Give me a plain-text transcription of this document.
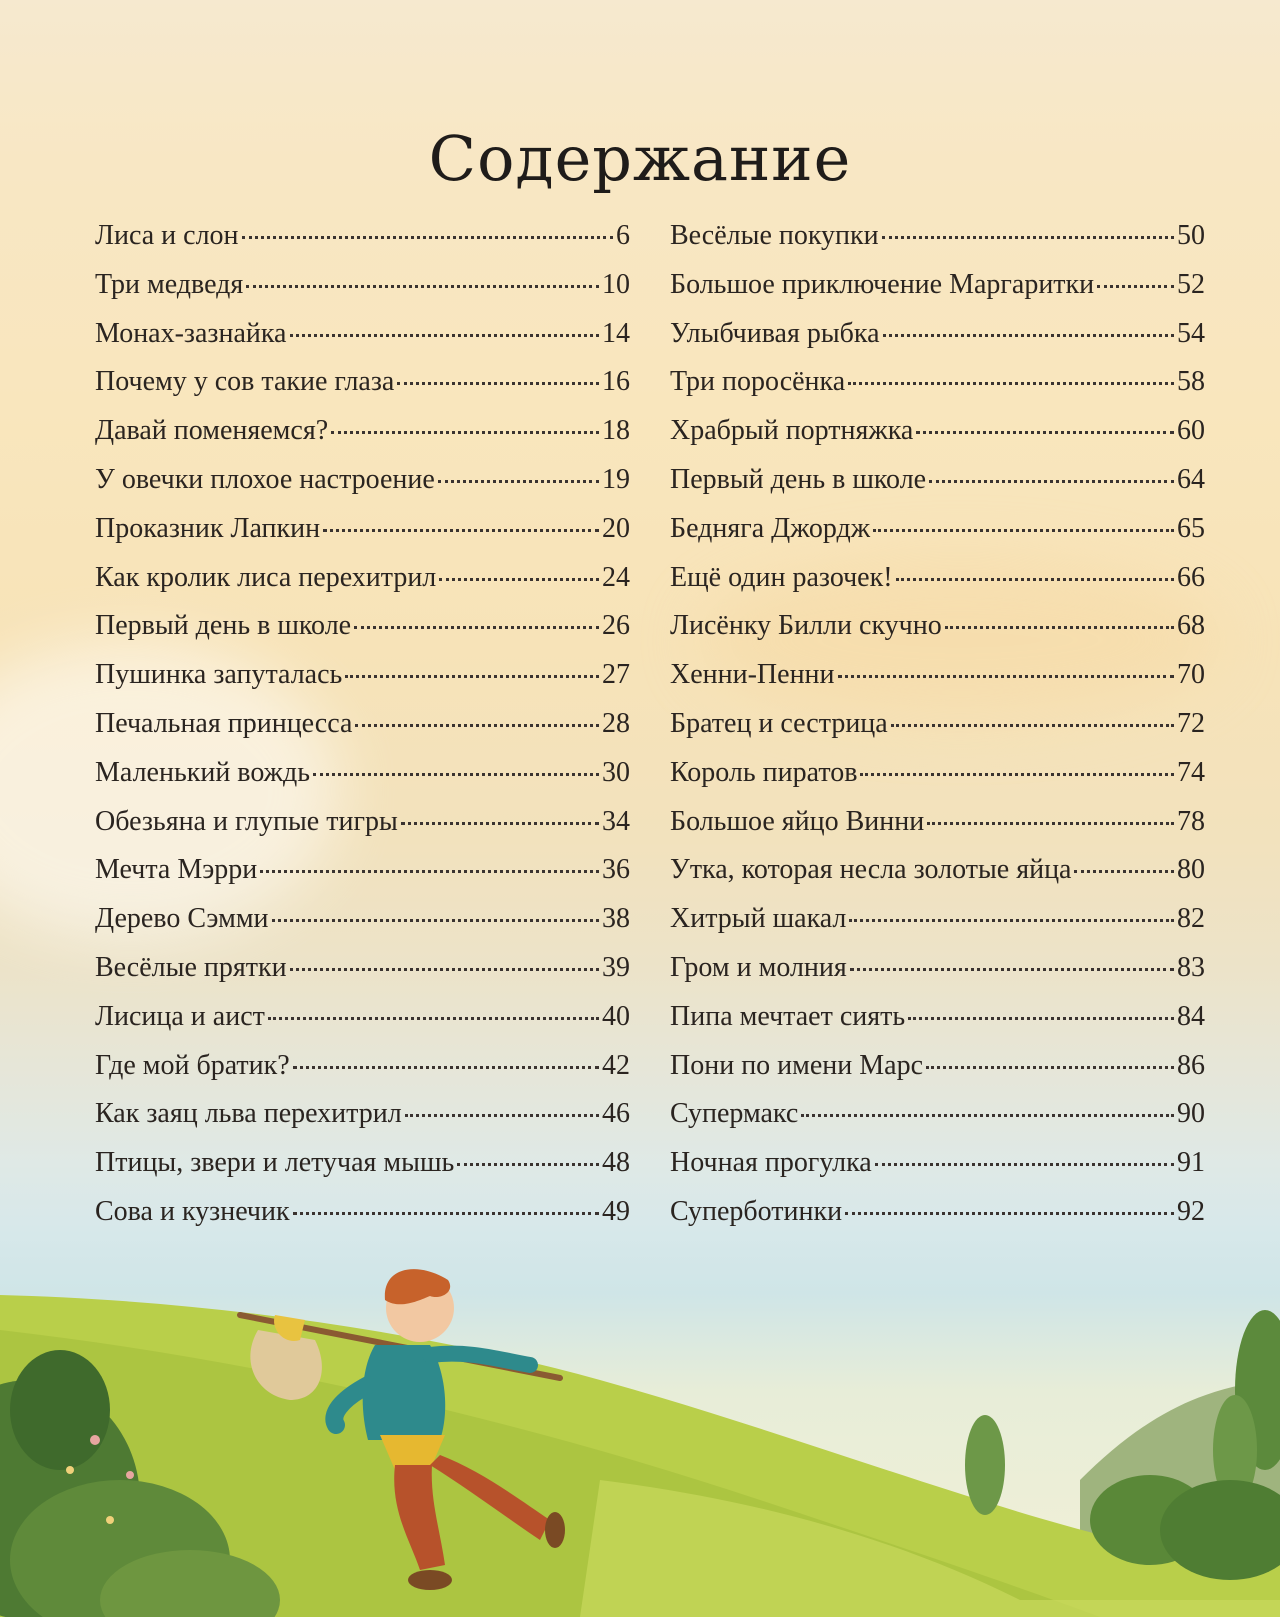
Содержание
Лиса и слон	6
Три медведя	10
Монах-зазнайка	14
Почему у сов такие глаза	16
Давай поменяемся?	18
У овечки плохое настроение	19
Проказник Лапкин	20
Как кролик лиса перехитрил	24
Первый день в школе	26
Пушинка запуталась	27
Печальная принцесса	28
Маленький вождь	30
Обезьяна и глупые тигры	34
Мечта Мэрри	36
Дерево Сэмми	38
Весёлые прятки	39
Лисица и аист	40
Где мой братик?	42
Как заяц льва перехитрил	46
Птицы, звери и летучая мышь	48
Сова и кузнечик	49
Весёлые покупки	50
Большое приключение Маргаритки	52
Улыбчивая рыбка	54
Три поросёнка	58
Храбрый портняжка	60
Первый день в школе	64
Бедняга Джордж	65
Ещё один разочек!	66
Лисёнку Билли скучно	68
Хенни-Пенни	70
Братец и сестрица	72
Король пиратов	74
Большое яйцо Винни	78
Утка, которая несла золотые яйца	80
Хитрый шакал	82
Гром и молния	83
Пипа мечтает сиять	84
Пони по имени Марс	86
Супермакс	90
Ночная прогулка	91
Суперботинки	92
